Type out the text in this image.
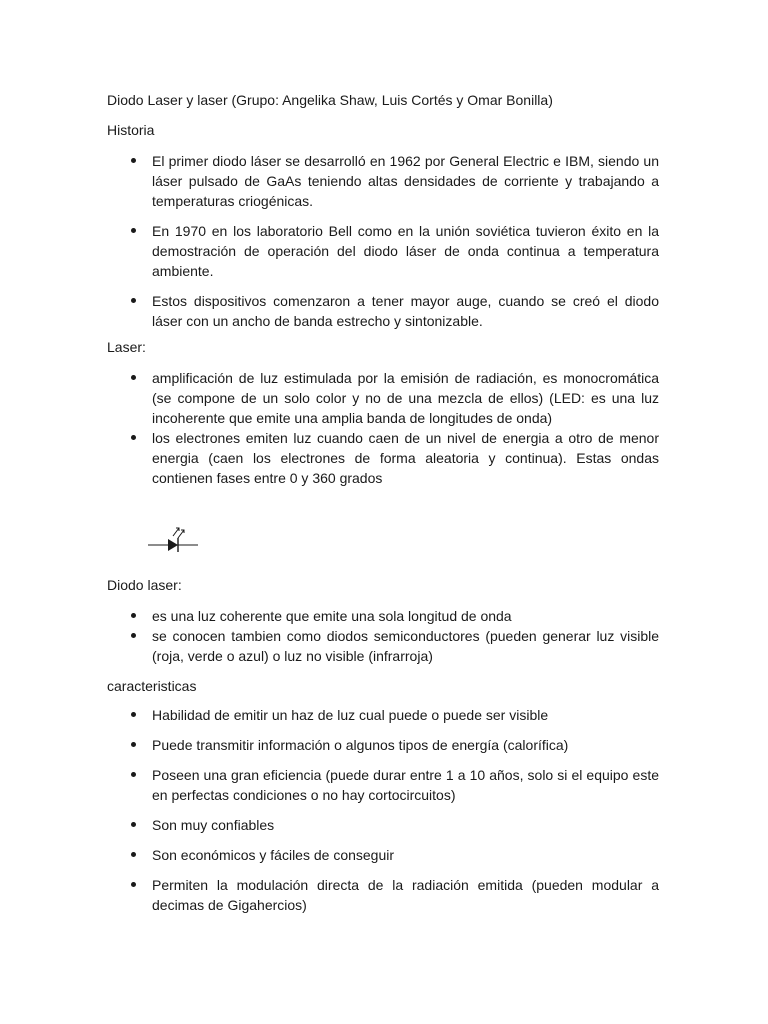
Diodo Laser y laser (Grupo: Angelika Shaw, Luis Cortés y Omar Bonilla)
Historia
El primer diodo láser se desarrolló en 1962 por General Electric e IBM, siendo un láser pulsado de GaAs teniendo altas densidades de corriente y trabajando a temperaturas criogénicas.
En 1970 en los laboratorio Bell como en la unión soviética tuvieron éxito en la demostración de operación del diodo láser de onda continua a temperatura ambiente.
Estos dispositivos comenzaron a tener mayor auge, cuando se creó el diodo láser con un ancho de banda estrecho y sintonizable.
Laser:
amplificación de luz estimulada por la emisión de radiación, es monocromática (se compone de un solo color y no de una mezcla de ellos) (LED: es una luz incoherente que emite una amplia banda de longitudes de onda)
los electrones emiten luz cuando caen de un nivel de energia a otro de menor energia (caen los electrones de forma aleatoria y continua). Estas ondas contienen fases entre 0 y 360 grados
Diodo laser:
es una luz coherente que emite una sola longitud de onda
se conocen tambien como diodos semiconductores (pueden generar luz visible (roja, verde o azul) o luz no visible (infrarroja)
caracteristicas
Habilidad de emitir un haz de luz cual puede o puede ser visible
Puede transmitir información o algunos tipos de energía (calorífica)
Poseen una gran eficiencia (puede durar entre 1 a 10 años, solo si el equipo este en perfectas condiciones o no hay cortocircuitos)
Son muy confiables
Son económicos y fáciles de conseguir
Permiten la modulación directa de la radiación emitida (pueden modular a decimas de Gigahercios)
